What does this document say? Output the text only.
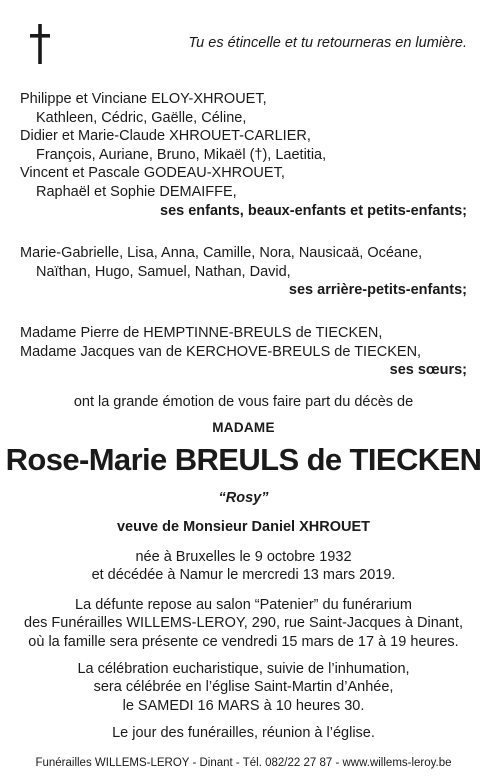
Tu es étincelle et tu retourneras en lumière.
Philippe et Vinciane ELOY-XHROUET,
Kathleen, Cédric, Gaëlle, Céline,
Didier et Marie-Claude XHROUET-CARLIER,
François, Auriane, Bruno, Mikaël (†), Laetitia,
Vincent et Pascale GODEAU-XHROUET,
Raphaël et Sophie DEMAIFFE,
ses enfants, beaux-enfants et petits-enfants;
Marie-Gabrielle, Lisa, Anna, Camille, Nora, Nausicaä, Océane,
Naïthan, Hugo, Samuel, Nathan, David,
ses arrière-petits-enfants;
Madame Pierre de HEMPTINNE-BREULS de TIECKEN,
Madame Jacques van de KERCHOVE-BREULS de TIECKEN,
ses sœurs;
ont la grande émotion de vous faire part du décès de
MADAME
Rose-Marie BREULS de TIECKEN
“Rosy”
veuve de Monsieur Daniel XHROUET
née à Bruxelles le 9 octobre 1932
et décédée à Namur le mercredi 13 mars 2019.
La défunte repose au salon “Patenier” du funérarium
des Funérailles WILLEMS-LEROY, 290, rue Saint-Jacques à Dinant,
où la famille sera présente ce vendredi 15 mars de 17 à 19 heures.
La célébration eucharistique, suivie de l’inhumation,
sera célébrée en l’église Saint-Martin d’Anhée,
le SAMEDI 16 MARS à 10 heures 30.
Le jour des funérailles, réunion à l’église.
Funérailles WILLEMS-LEROY - Dinant - Tél. 082/22 27 87 - www.willems-leroy.be
